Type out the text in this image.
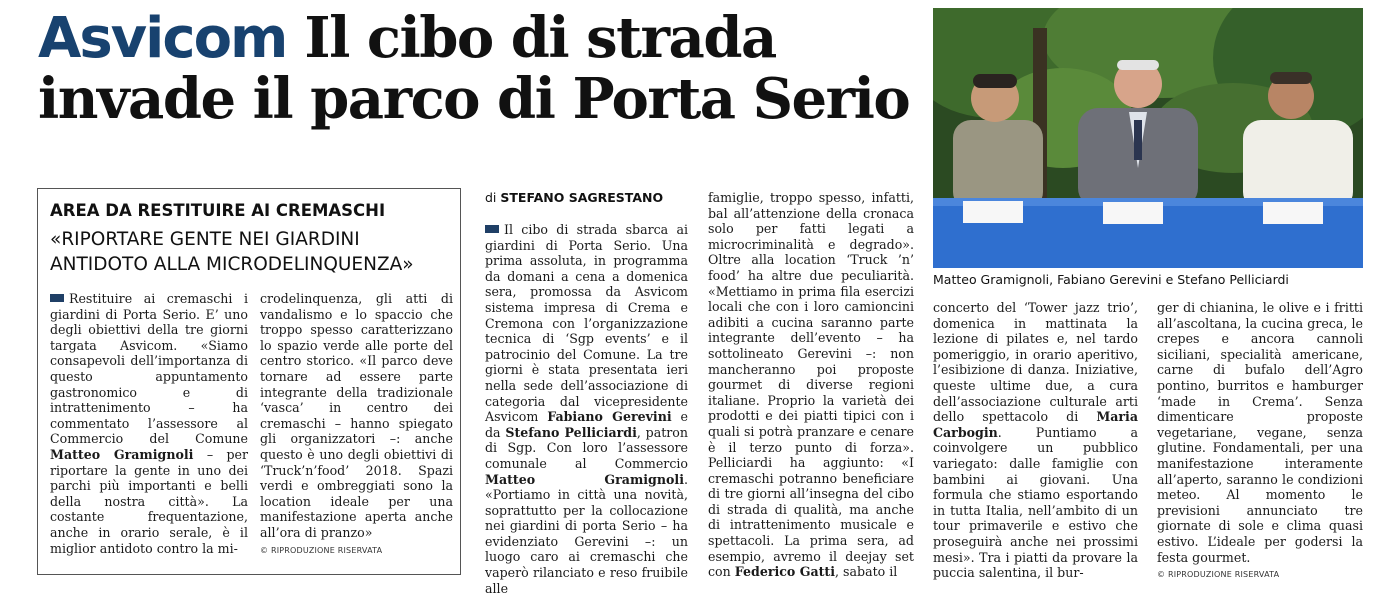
Asvicom Il cibo di strada
invade il parco di Porta Serio
Matteo Gramignoli, Fabiano Gerevini e Stefano Pelliciardi
AREA DA RESTITUIRE AI CREMASCHI
«RIPORTARE GENTE NEI GIARDINI
ANTIDOTO ALLA MICRODELINQUENZA»

Restituire ai cremaschi i giardini di Porta Serio. E’ uno degli obiettivi della tre giorni targata Asvicom. «Siamo consapevoli dell’importanza di questo appuntamento gastronomico e di intrattenimento – ha commentato l’assessore al Commercio del Comune Matteo Gramignoli – per riportare la gente in uno dei parchi più importanti e belli della nostra città». La costante frequentazione, anche in orario serale, è il miglior antidoto contro la mi-

crodelinquenza, gli atti di vandalismo e lo spaccio che troppo spesso caratterizzano lo spazio verde alle porte del centro storico. «Il parco deve tornare ad essere parte integrante della tradizionale ‘vasca’ in centro dei cremaschi – hanno spiegato gli organizzatori –: anche questo è uno degli obiettivi di ‘Truck’n’food’ 2018. Spazi verdi e ombreggiati sono la location ideale per una manifestazione aperta anche all’ora di pranzo»

© RIPRODUZIONE RISERVATA
di STEFANO SAGRESTANO

Il cibo di strada sbarca ai giardini di Porta Serio. Una prima assoluta, in programma da domani a cena a domenica sera, promossa da Asvicom sistema impresa di Crema e Cremona con l’organizzazione tecnica di ‘Sgp events’ e il patrocinio del Comune. La tre giorni è stata presentata ieri nella sede dell’associazione di categoria dal vicepresidente Asvicom Fabiano Gerevini e da Stefano Pelliciardi, patron di Sgp. Con loro l’assessore comunale al Commercio Matteo Gramignoli. «Portiamo in città una novità, soprattutto per la collocazione nei giardini di porta Serio – ha evidenziato Gerevini –: un luogo caro ai cremaschi che vaperò rilanciato e reso fruibile alle

famiglie, troppo spesso, infatti, bal all’attenzione della cronaca solo per fatti legati a microcriminalità e degrado». Oltre alla location ‘Truck ’n’ food’ ha altre due peculiarità. «Mettiamo in prima fila esercizi locali che con i loro camioncini adibiti a cucina saranno parte integrante dell’evento – ha sottolineato Gerevini –: non mancheranno poi proposte gourmet di diverse regioni italiane. Proprio la varietà dei prodotti e dei piatti tipici con i quali si potrà pranzare e cenare è il terzo punto di forza». Pelliciardi ha aggiunto: «I cremaschi potranno beneficiare di tre giorni all’insegna del cibo di strada di qualità, ma anche di intrattenimento musicale e spettacoli. La prima sera, ad esempio, avremo il deejay set con Federico Gatti, sabato il

concerto del ‘Tower jazz trio’, domenica in mattinata la lezione di pilates e, nel tardo pomeriggio, in orario aperitivo, l’esibizione di danza. Iniziative, queste ultime due, a cura dell’associazione culturale arti dello spettacolo di Maria Carbogin. Puntiamo a coinvolgere un pubblico variegato: dalle famiglie con bambini ai giovani. Una formula che stiamo esportando in tutta Italia, nell’ambito di un tour primaverile e estivo che proseguirà anche nei prossimi mesi». Tra i piatti da provare la puccia salentina, il bur-

ger di chianina, le olive e i fritti all’ascoltana, la cucina greca, le crepes e ancora cannoli siciliani, specialità americane, carne di bufalo dell’Agro pontino, burritos e hamburger ‘made in Crema’. Senza dimenticare proposte vegetariane, vegane, senza glutine. Fondamentali, per una manifestazione interamente all’aperto, saranno le condizioni meteo. Al momento le previsioni annunciato tre giornate di sole e clima quasi estivo. L’ideale per godersi la festa gourmet.

© RIPRODUZIONE RISERVATA
